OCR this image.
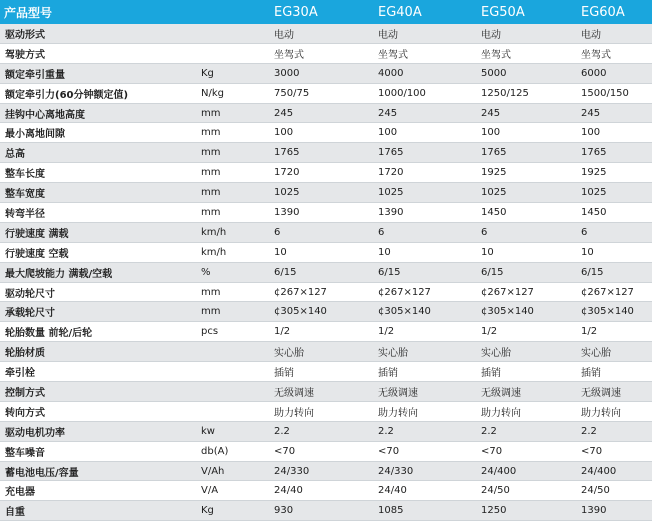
产品型号		EG30A	EG40A	EG50A	EG60A
驱动形式		电动	电动	电动	电动
驾驶方式		坐驾式	坐驾式	坐驾式	坐驾式
额定牵引重量	Kg	3000	4000	5000	6000
额定牵引力(60分钟额定值)	N/kg	750/75	1000/100	1250/125	1500/150
挂钩中心离地高度	mm	245	245	245	245
最小离地间隙	mm	100	100	100	100
总高	mm	1765	1765	1765	1765
整车长度	mm	1720	1720	1925	1925
整车宽度	mm	1025	1025	1025	1025
转弯半径	mm	1390	1390	1450	1450
行驶速度 满载	km/h	6	6	6	6
行驶速度 空载	km/h	10	10	10	10
最大爬坡能力 满载/空载	%	6/15	6/15	6/15	6/15
驱动轮尺寸	mm	¢267×127	¢267×127	¢267×127	¢267×127
承载轮尺寸	mm	¢305×140	¢305×140	¢305×140	¢305×140
轮胎数量 前轮/后轮	pcs	1/2	1/2	1/2	1/2
轮胎材质		实心胎	实心胎	实心胎	实心胎
牵引栓		插销	插销	插销	插销
控制方式		无级调速	无级调速	无级调速	无级调速
转向方式		助力转向	助力转向	助力转向	助力转向
驱动电机功率	kw	2.2	2.2	2.2	2.2
整车噪音	db(A)	<70	<70	<70	<70
蓄电池电压/容量	V/Ah	24/330	24/330	24/400	24/400
充电器	V/A	24/40	24/40	24/50	24/50
自重	Kg	930	1085	1250	1390
